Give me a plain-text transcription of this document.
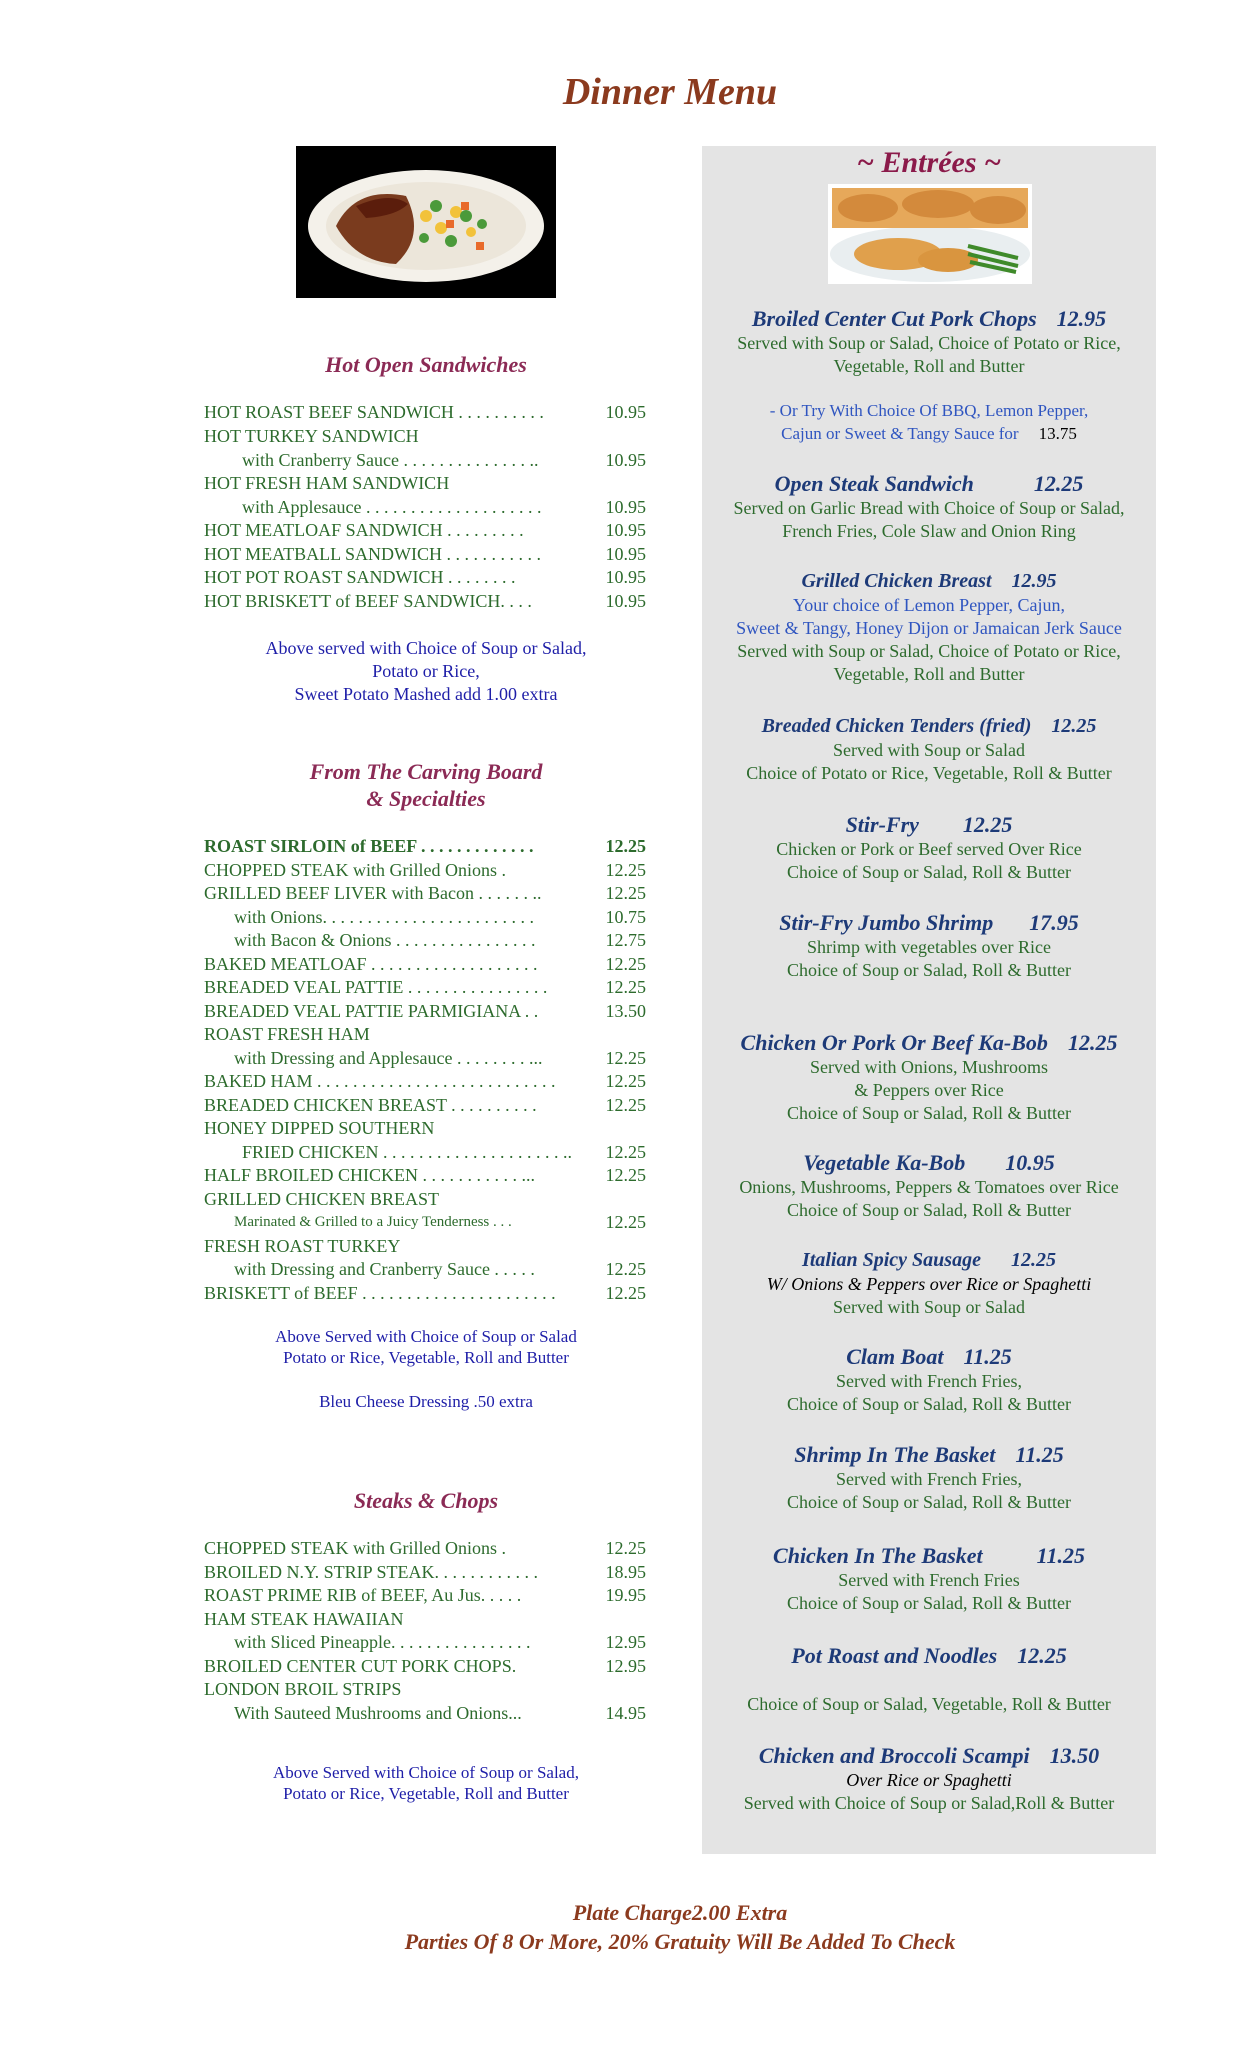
Dinner Menu
~ Entrées ~
Hot Open Sandwiches
HOT ROAST BEEF SANDWICH . . . . . . . . . .	10.95
HOT TURKEY SANDWICH
with Cranberry Sauce . . . . . . . . . . . . . . ..	10.95
HOT FRESH HAM SANDWICH
with Applesauce . . . . . . . . . . . . . . . . . . . .	10.95
HOT MEATLOAF SANDWICH . . . . . . . . .	10.95
HOT MEATBALL SANDWICH . . . . . . . . . . .	10.95
HOT POT ROAST SANDWICH . . . . . . . .	10.95
HOT BRISKETT of BEEF SANDWICH. . . .	10.95
Above served with Choice of Soup or Salad,
Potato or Rice,
Sweet Potato Mashed add 1.00 extra
From The Carving Board
& Specialties
ROAST SIRLOIN of BEEF . . . . . . . . . . . . .	12.25
CHOPPED STEAK with Grilled Onions .	12.25
GRILLED BEEF LIVER with Bacon . . . . . . ..	12.25
with Onions. . . . . . . . . . . . . . . . . . . . . . . .	10.75
with Bacon & Onions . . . . . . . . . . . . . . . .	12.75
BAKED MEATLOAF . . . . . . . . . . . . . . . . . . .	12.25
BREADED VEAL PATTIE . . . . . . . . . . . . . . . .	12.25
BREADED VEAL PATTIE PARMIGIANA . .	13.50
ROAST FRESH HAM
with Dressing and Applesauce . . . . . . . . ...	12.25
BAKED HAM . . . . . . . . . . . . . . . . . . . . . . . . . . .	12.25
BREADED CHICKEN BREAST . . . . . . . . . .	12.25
HONEY DIPPED SOUTHERN
FRIED CHICKEN . . . . . . . . . . . . . . . . . . . . .. 12.25
HALF BROILED CHICKEN . . . . . . . . . . . ...	12.25
GRILLED CHICKEN BREAST
Marinated & Grilled to a Juicy Tenderness . . .	12.25
FRESH ROAST TURKEY
with Dressing and Cranberry Sauce . . . . .	12.25
BRISKETT of BEEF . . . . . . . . . . . . . . . . . . . . . .	12.25
Above Served with Choice of Soup or Salad
Potato or Rice, Vegetable, Roll and Butter
Bleu Cheese Dressing .50 extra
Steaks & Chops
CHOPPED STEAK with Grilled Onions .	12.25
BROILED N.Y. STRIP STEAK. . . . . . . . . . . .	18.95
ROAST PRIME RIB of BEEF, Au Jus. . . . .	19.95
HAM STEAK HAWAIIAN
with Sliced Pineapple. . . . . . . . . . . . . . . .	12.95
BROILED CENTER CUT PORK CHOPS.	12.95
LONDON BROIL STRIPS
With Sauteed Mushrooms and Onions...	14.95
Above Served with Choice of Soup or Salad,
Potato or Rice, Vegetable, Roll and Butter
Broiled Center Cut Pork Chops 12.95
Served with Soup or Salad, Choice of Potato or Rice,
Vegetable, Roll and Butter
- Or Try With Choice Of BBQ, Lemon Pepper,
Cajun or Sweet & Tangy Sauce for 13.75
Open Steak Sandwich	12.25
Served on Garlic Bread with Choice of Soup or Salad,
French Fries, Cole Slaw and Onion Ring
Grilled Chicken Breast 12.95
Your choice of Lemon Pepper, Cajun,
Sweet & Tangy, Honey Dijon or Jamaican Jerk Sauce
Served with Soup or Salad, Choice of Potato or Rice,
Vegetable, Roll and Butter
Breaded Chicken Tenders (fried) 12.25
Served with Soup or Salad
Choice of Potato or Rice, Vegetable, Roll & Butter
Stir-Fry 12.25
Chicken or Pork or Beef served Over Rice
Choice of Soup or Salad, Roll & Butter
Stir-Fry Jumbo Shrimp 17.95
Shrimp with vegetables over Rice
Choice of Soup or Salad, Roll & Butter
Chicken Or Pork Or Beef Ka-Bob 12.25
Served with Onions, Mushrooms
& Peppers over Rice
Choice of Soup or Salad, Roll & Butter
Vegetable Ka-Bob 10.95
Onions, Mushrooms, Peppers & Tomatoes over Rice
Choice of Soup or Salad, Roll & Butter
Italian Spicy Sausage 12.25
W/ Onions & Peppers over Rice or Spaghetti
Served with Soup or Salad
Clam Boat 11.25
Served with French Fries,
Choice of Soup or Salad, Roll & Butter
Shrimp In The Basket 11.25
Served with French Fries,
Choice of Soup or Salad, Roll & Butter
Chicken In The Basket 11.25
Served with French Fries
Choice of Soup or Salad, Roll & Butter
Pot Roast and Noodles 12.25
Choice of Soup or Salad, Vegetable, Roll & Butter
Chicken and Broccoli Scampi 13.50
Over Rice or Spaghetti
Served with Choice of Soup or Salad,Roll & Butter
Plate Charge2.00 Extra
Parties Of 8 Or More, 20% Gratuity Will Be Added To Check
